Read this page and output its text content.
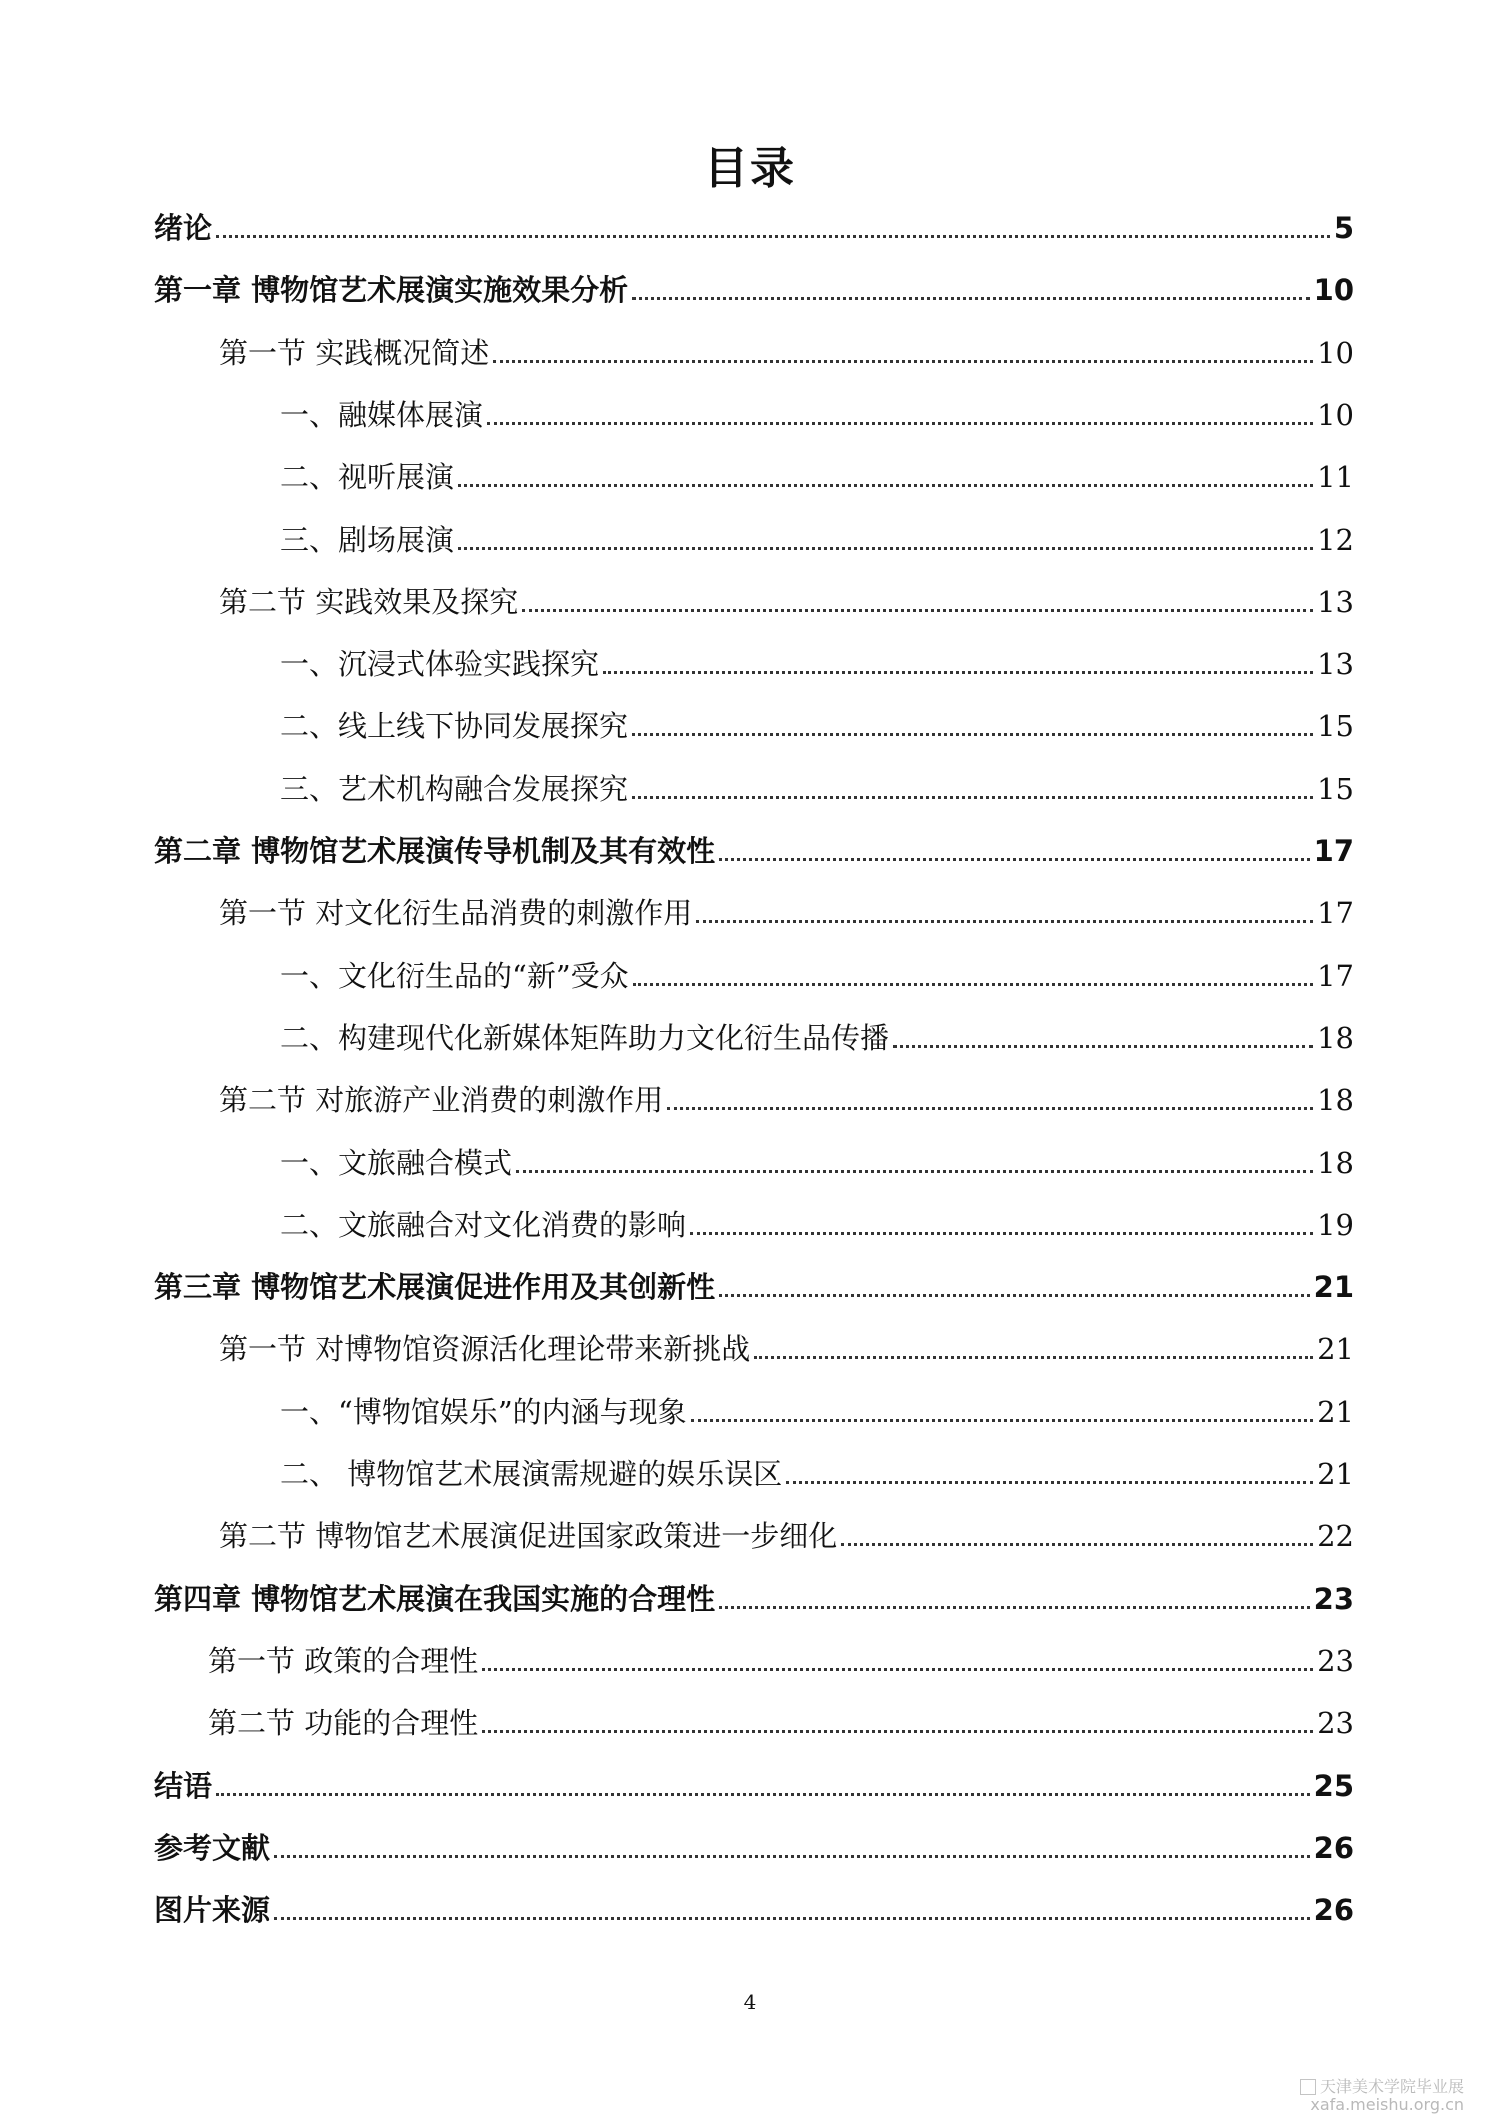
目录
绪论	5
第一章 博物馆艺术展演实施效果分析	10
第一节 实践概况简述	10
一、融媒体展演	10
二、视听展演	11
三、剧场展演	12
第二节 实践效果及探究	13
一、沉浸式体验实践探究	13
二、线上线下协同发展探究	15
三、艺术机构融合发展探究	15
第二章 博物馆艺术展演传导机制及其有效性	17
第一节 对文化衍生品消费的刺激作用	17
一、文化衍生品的“新”受众	17
二、构建现代化新媒体矩阵助力文化衍生品传播	18
第二节 对旅游产业消费的刺激作用	18
一、文旅融合模式	18
二、文旅融合对文化消费的影响	19
第三章 博物馆艺术展演促进作用及其创新性	21
第一节 对博物馆资源活化理论带来新挑战	21
一、“博物馆娱乐”的内涵与现象	21
二、 博物馆艺术展演需规避的娱乐误区	21
第二节 博物馆艺术展演促进国家政策进一步细化	22
第四章 博物馆艺术展演在我国实施的合理性	23
第一节 政策的合理性	23
第二节 功能的合理性	23
结语	25
参考文献	26
图片来源	26
4
天津美术学院毕业展
xafa.meishu.org.cn
